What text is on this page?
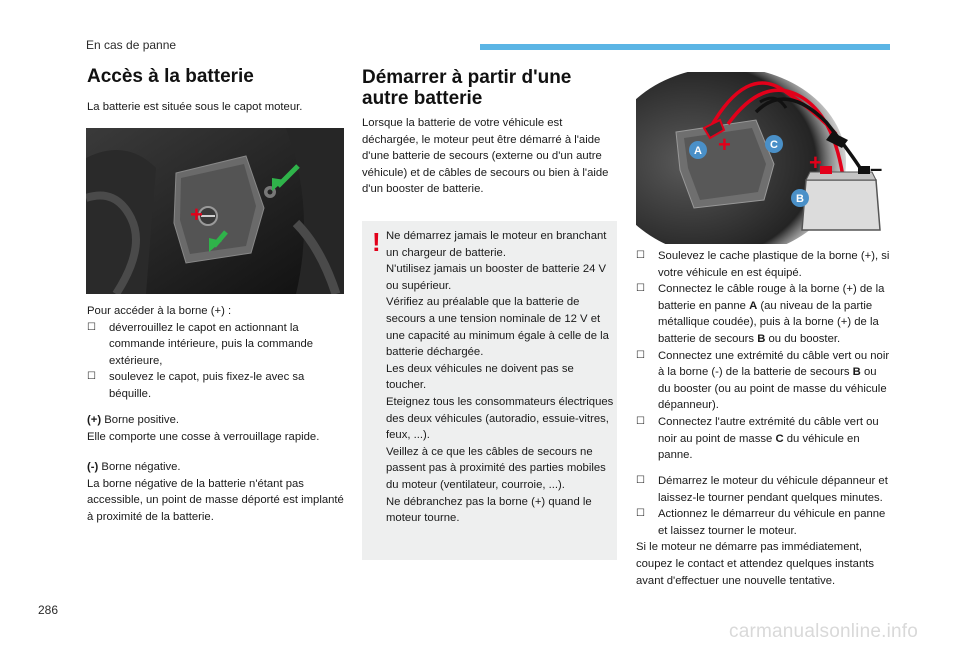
En cas de panne
Accès à la batterie
La batterie est située sous le capot moteur.
+
Pour accéder à la borne (+) :
☐ déverrouillez le capot en actionnant la commande intérieure, puis la commande extérieure,
☐ soulevez le capot, puis fixez-le avec sa béquille.
(+) Borne positive.
Elle comporte une cosse à verrouillage rapide.
(-) Borne négative.
La borne négative de la batterie n'étant pas accessible, un point de masse déporté est implanté à proximité de la batterie.
Démarrer à partir d'une autre batterie
Lorsque la batterie de votre véhicule est déchargée, le moteur peut être démarré à l'aide d'une batterie de secours (externe ou d'un autre véhicule) et de câbles de secours ou bien à l'aide d'un booster de batterie.
! Ne démarrez jamais le moteur en branchant un chargeur de batterie.
N'utilisez jamais un booster de batterie 24 V ou supérieur.
Vérifiez au préalable que la batterie de secours a une tension nominale de 12 V et une capacité au minimum égale à celle de la batterie déchargée.
Les deux véhicules ne doivent pas se toucher.
Eteignez tous les consommateurs électriques des deux véhicules (autoradio, essuie-vitres, feux, ...).
Veillez à ce que les câbles de secours ne passent pas à proximité des parties mobiles du moteur (ventilateur, courroie, ...).
Ne débranchez pas la borne (+) quand le moteur tourne.
+ –
+
A	C
B
☐ Soulevez le cache plastique de la borne (+), si votre véhicule en est équipé.
☐ Connectez le câble rouge à la borne (+) de la batterie en panne A (au niveau de la partie métallique coudée), puis à la borne (+) de la batterie de secours B ou du booster.
☐ Connectez une extrémité du câble vert ou noir à la borne (-) de la batterie de secours B ou du booster (ou au point de masse du véhicule dépanneur).
☐ Connectez l'autre extrémité du câble vert ou noir au point de masse C du véhicule en panne.
☐ Démarrez le moteur du véhicule dépanneur et laissez-le tourner pendant quelques minutes.
☐ Actionnez le démarreur du véhicule en panne et laissez tourner le moteur.
Si le moteur ne démarre pas immédiatement, coupez le contact et attendez quelques instants avant d'effectuer une nouvelle tentative.
286
carmanualsonline.info
